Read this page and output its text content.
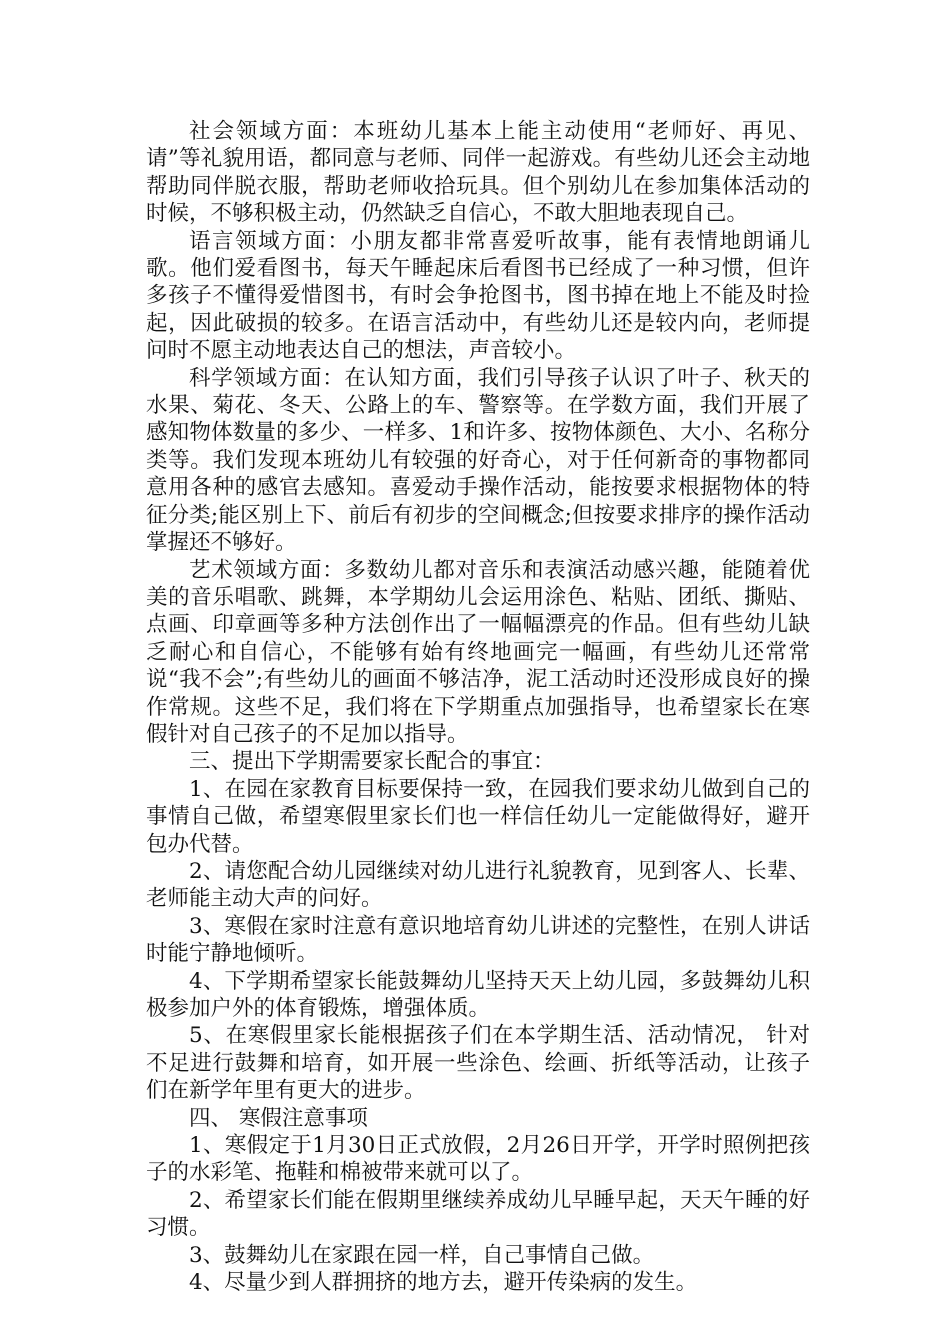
社会领域方面：本班幼儿基本上能主动使用“老师好、再见、请”等礼貌用语，都同意与老师、同伴一起游戏。有些幼儿还会主动地帮助同伴脱衣服，帮助老师收拾玩具。但个别幼儿在参加集体活动的时候，不够积极主动，仍然缺乏自信心，不敢大胆地表现自己。

语言领域方面：小朋友都非常喜爱听故事，能有表情地朗诵儿歌。他们爱看图书，每天午睡起床后看图书已经成了一种习惯，但许多孩子不懂得爱惜图书，有时会争抢图书，图书掉在地上不能及时捡起，因此破损的较多。在语言活动中，有些幼儿还是较内向，老师提问时不愿主动地表达自己的想法，声音较小。

科学领域方面：在认知方面，我们引导孩子认识了叶子、秋天的水果、菊花、冬天、公路上的车、警察等。在学数方面，我们开展了感知物体数量的多少、一样多、1和许多、按物体颜色、大小、名称分类等。我们发现本班幼儿有较强的好奇心，对于任何新奇的事物都同意用各种的感官去感知。喜爱动手操作活动，能按要求根据物体的特征分类;能区别上下、前后有初步的空间概念;但按要求排序的操作活动掌握还不够好。

艺术领域方面：多数幼儿都对音乐和表演活动感兴趣，能随着优美的音乐唱歌、跳舞，本学期幼儿会运用涂色、粘贴、团纸、撕贴、点画、印章画等多种方法创作出了一幅幅漂亮的作品。但有些幼儿缺乏耐心和自信心，不能够有始有终地画完一幅画，有些幼儿还常常说“我不会”;有些幼儿的画面不够洁净，泥工活动时还没形成良好的操作常规。这些不足，我们将在下学期重点加强指导，也希望家长在寒假针对自己孩子的不足加以指导。

三、提出下学期需要家长配合的事宜：

1、在园在家教育目标要保持一致，在园我们要求幼儿做到自己的事情自己做，希望寒假里家长们也一样信任幼儿一定能做得好，避开包办代替。

2、请您配合幼儿园继续对幼儿进行礼貌教育，见到客人、长辈、老师能主动大声的问好。

3、寒假在家时注意有意识地培育幼儿讲述的完整性，在别人讲话时能宁静地倾听。

4、下学期希望家长能鼓舞幼儿坚持天天上幼儿园，多鼓舞幼儿积极参加户外的体育锻炼，增强体质。

5、在寒假里家长能根据孩子们在本学期生活、活动情况， 针对不足进行鼓舞和培育，如开展一些涂色、绘画、折纸等活动，让孩子们在新学年里有更大的进步。

四、 寒假注意事项

1、寒假定于1月30日正式放假，2月26日开学，开学时照例把孩子的水彩笔、拖鞋和棉被带来就可以了。

2、希望家长们能在假期里继续养成幼儿早睡早起，天天午睡的好习惯。

3、鼓舞幼儿在家跟在园一样，自己事情自己做。

4、尽量少到人群拥挤的地方去，避开传染病的发生。
